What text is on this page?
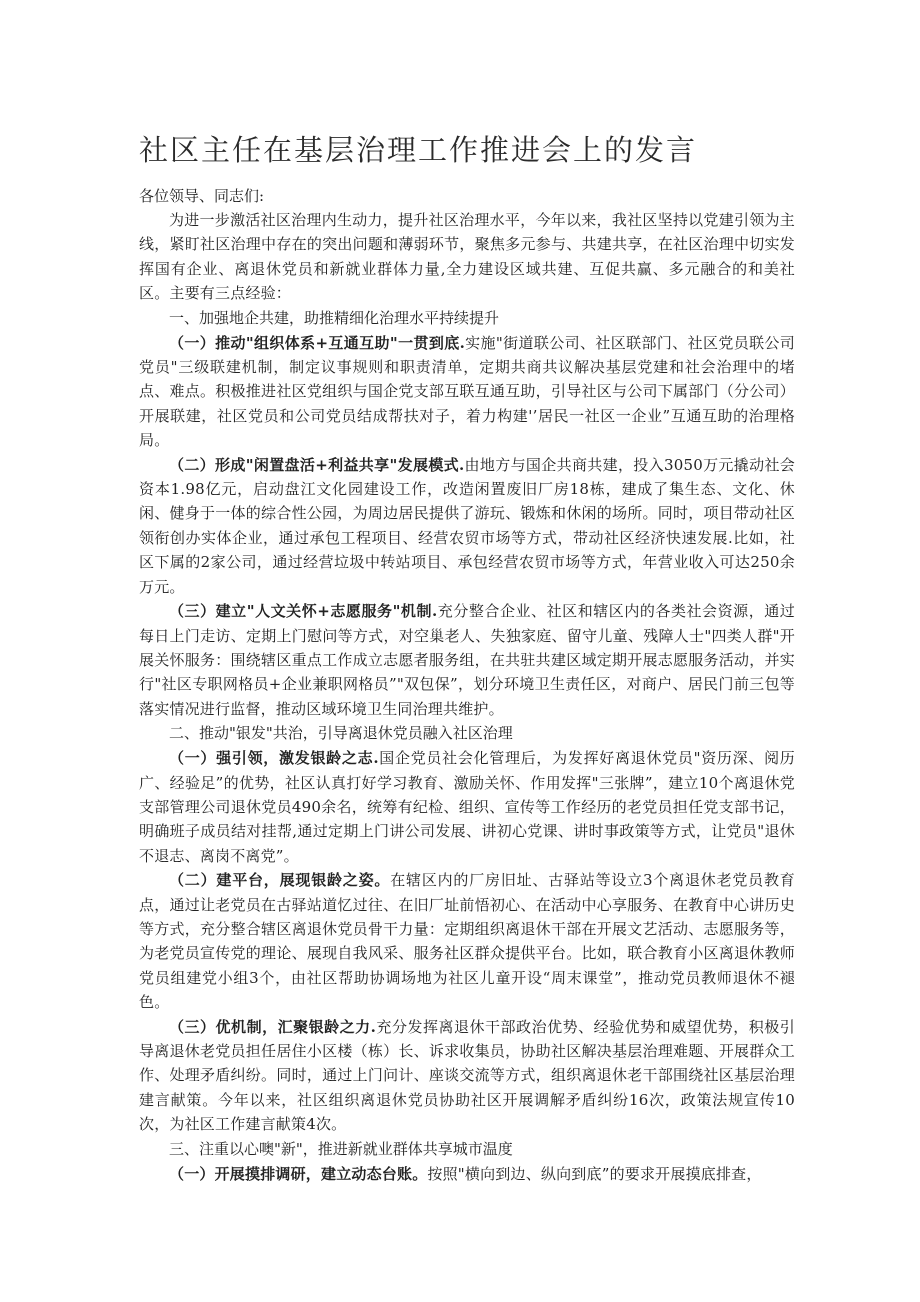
社区主任在基层治理工作推进会上的发言

各位领导、同志们:

为进一步激活社区治理内生动力，提升社区治理水平，今年以来，我社区坚持以党建引领为主线，紧盯社区治理中存在的突出问题和薄弱环节，聚焦多元参与、共建共享，在社区治理中切实发挥国有企业、离退休党员和新就业群体力量,全力建设区域共建、互促共赢、多元融合的和美社区。主要有三点经验：

一、加强地企共建，助推精细化治理水平持续提升

（一）推动"组织体系+互通互助"一贯到底.实施"街道联公司、社区联部门、社区党员联公司党员"三级联建机制，制定议事规则和职责清单，定期共商共议解决基层党建和社会治理中的堵点、难点。积极推进社区党组织与国企党支部互联互通互助，引导社区与公司下属部门（分公司）开展联建，社区党员和公司党员结成帮扶对子，着力构建'’居民一社区一企业”互通互助的治理格局。

（二）形成"闲置盘活+利益共享"发展模式.由地方与国企共商共建，投入3050万元撬动社会资本1.98亿元，启动盘江文化园建设工作，改造闲置废旧厂房18栋，建成了集生态、文化、休闲、健身于一体的综合性公园，为周边居民提供了游玩、锻炼和休闲的场所。同时，项目带动社区领衔创办实体企业，通过承包工程项目、经营农贸市场等方式，带动社区经济快速发展.比如，社区下属的2家公司，通过经营垃圾中转站项目、承包经营农贸市场等方式，年营业收入可达250余万元。

（三）建立"人文关怀+志愿服务"机制.充分整合企业、社区和辖区内的各类社会资源，通过每日上门走访、定期上门慰问等方式，对空巢老人、失独家庭、留守儿童、残障人士"四类人群"开展关怀服务：围绕辖区重点工作成立志愿者服务组，在共驻共建区域定期开展志愿服务活动，并实行"社区专职网格员+企业兼职网格员”"双包保”，划分环境卫生责任区，对商户、居民门前三包等落实情况进行监督，推动区域环境卫生同治理共维护。

二、推动"银发"共治，引导离退休党员融入社区治理

（一）强引领，激发银龄之志.国企党员社会化管理后，为发挥好离退休党员"资历深、阅历广、经验足”的优势，社区认真打好学习教育、激励关怀、作用发挥"三张牌”，建立10个离退休党支部管理公司退休党员490余名，统筹有纪检、组织、宣传等工作经历的老党员担任党支部书记，明确班子成员结对挂帮,通过定期上门讲公司发展、讲初心党课、讲时事政策等方式，让党员"退休不退志、离岗不离党”。

（二）建平台，展现银龄之姿。在辖区内的厂房旧址、古驿站等设立3个离退休老党员教育点，通过让老党员在古驿站道忆过往、在旧厂址前悟初心、在活动中心享服务、在教育中心讲历史等方式，充分整合辖区离退休党员骨干力量：定期组织离退休干部在开展文艺活动、志愿服务等，为老党员宣传党的理论、展现自我风采、服务社区群众提供平台。比如，联合教育小区离退休教师党员组建党小组3个，由社区帮助协调场地为社区儿童开设“周末课堂”，推动党员教师退休不褪色。

（三）优机制，汇聚银龄之力.充分发挥离退休干部政治优势、经验优势和威望优势，积极引导离退休老党员担任居住小区楼（栋）长、诉求收集员，协助社区解决基层治理难题、开展群众工作、处理矛盾纠纷。同时，通过上门问计、座谈交流等方式，组织离退休老干部围绕社区基层治理建言献策。今年以来，社区组织离退休党员协助社区开展调解矛盾纠纷16次，政策法规宣传10次，为社区工作建言献策4次。

三、注重以心噢"新"，推进新就业群体共享城市温度

（一）开展摸排调研，建立动态台账。按照"横向到边、纵向到底”的要求开展摸底排查，
